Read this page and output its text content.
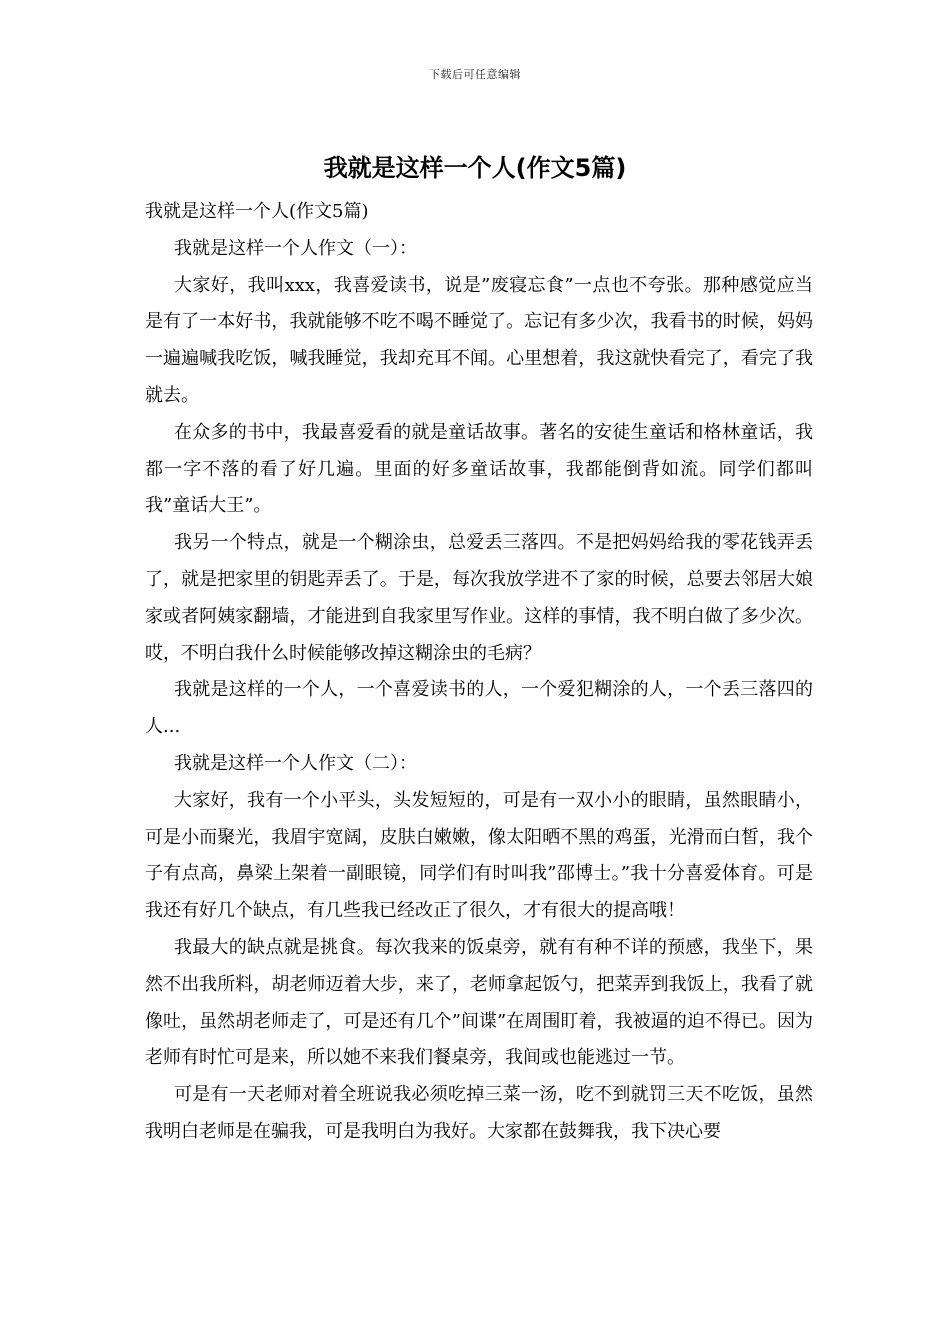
下载后可任意编辑
我就是这样一个人(作文5篇)

我就是这样一个人(作文5篇)

我就是这样一个人作文（一）：

大家好，我叫xxx，我喜爱读书，说是”废寝忘食”一点也不夸张。那种感觉应当是有了一本好书，我就能够不吃不喝不睡觉了。忘记有多少次，我看书的时候，妈妈一遍遍喊我吃饭，喊我睡觉，我却充耳不闻。心里想着，我这就快看完了，看完了我就去。

在众多的书中，我最喜爱看的就是童话故事。著名的安徒生童话和格林童话，我都一字不落的看了好几遍。里面的好多童话故事，我都能倒背如流。同学们都叫我”童话大王”。

我另一个特点，就是一个糊涂虫，总爱丢三落四。不是把妈妈给我的零花钱弄丢了，就是把家里的钥匙弄丢了。于是，每次我放学进不了家的时候，总要去邻居大娘家或者阿姨家翻墙，才能进到自我家里写作业。这样的事情，我不明白做了多少次。哎，不明白我什么时候能够改掉这糊涂虫的毛病？

我就是这样的一个人，一个喜爱读书的人，一个爱犯糊涂的人，一个丢三落四的人...

我就是这样一个人作文（二）：

大家好，我有一个小平头，头发短短的，可是有一双小小的眼睛，虽然眼睛小，可是小而聚光，我眉宇宽阔，皮肤白嫩嫩，像太阳晒不黑的鸡蛋，光滑而白皙，我个子有点高，鼻梁上架着一副眼镜，同学们有时叫我”邵博士。”我十分喜爱体育。可是我还有好几个缺点，有几些我已经改正了很久，才有很大的提高哦！

我最大的缺点就是挑食。每次我来的饭桌旁，就有有种不详的预感，我坐下，果然不出我所料，胡老师迈着大步，来了，老师拿起饭勺，把菜弄到我饭上，我看了就像吐，虽然胡老师走了，可是还有几个”间谍”在周围盯着，我被逼的迫不得已。因为老师有时忙可是来，所以她不来我们餐桌旁，我间或也能逃过一节。

可是有一天老师对着全班说我必须吃掉三菜一汤，吃不到就罚三天不吃饭，虽然我明白老师是在骗我，可是我明白为我好。大家都在鼓舞我，我下决心要
